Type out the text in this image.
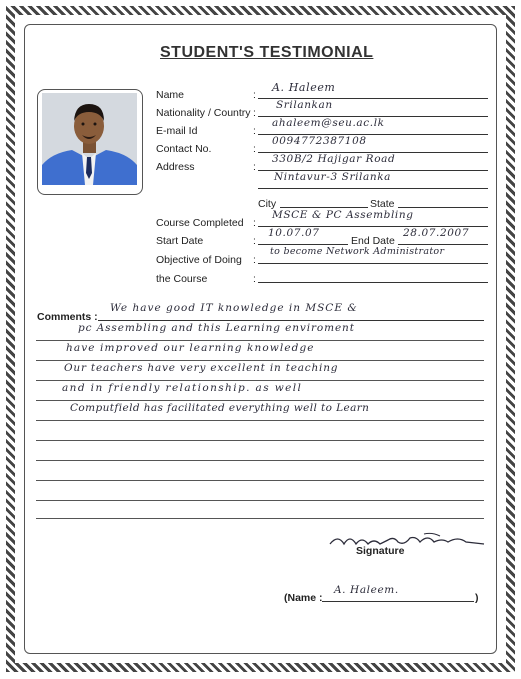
STUDENT'S TESTIMONIAL
Name	:
A. Haleem
Nationality / Country :
Srilankan
E-mail Id	:
ahaleem@seu.ac.lk
Contact No.	:
0094772387108
Address	:
330B/2 Hajigar Road
Nintavur-3 Srilanka
City	State
Course Completed :
MSCE & PC Assembling
Start Date	:
10.07.07
End Date
28.07.2007
Objective of Doing :
to become Network Administrator
the Course	:
Comments :
We have good IT knowledge in MSCE &
pc Assembling and this Learning enviroment
have improved our learning knowledge
Our teachers have very excellent in teaching
and in friendly relationship. as well
Computfield has facilitated everything well to Learn
Signature
(Name :
A. Haleem.
)
